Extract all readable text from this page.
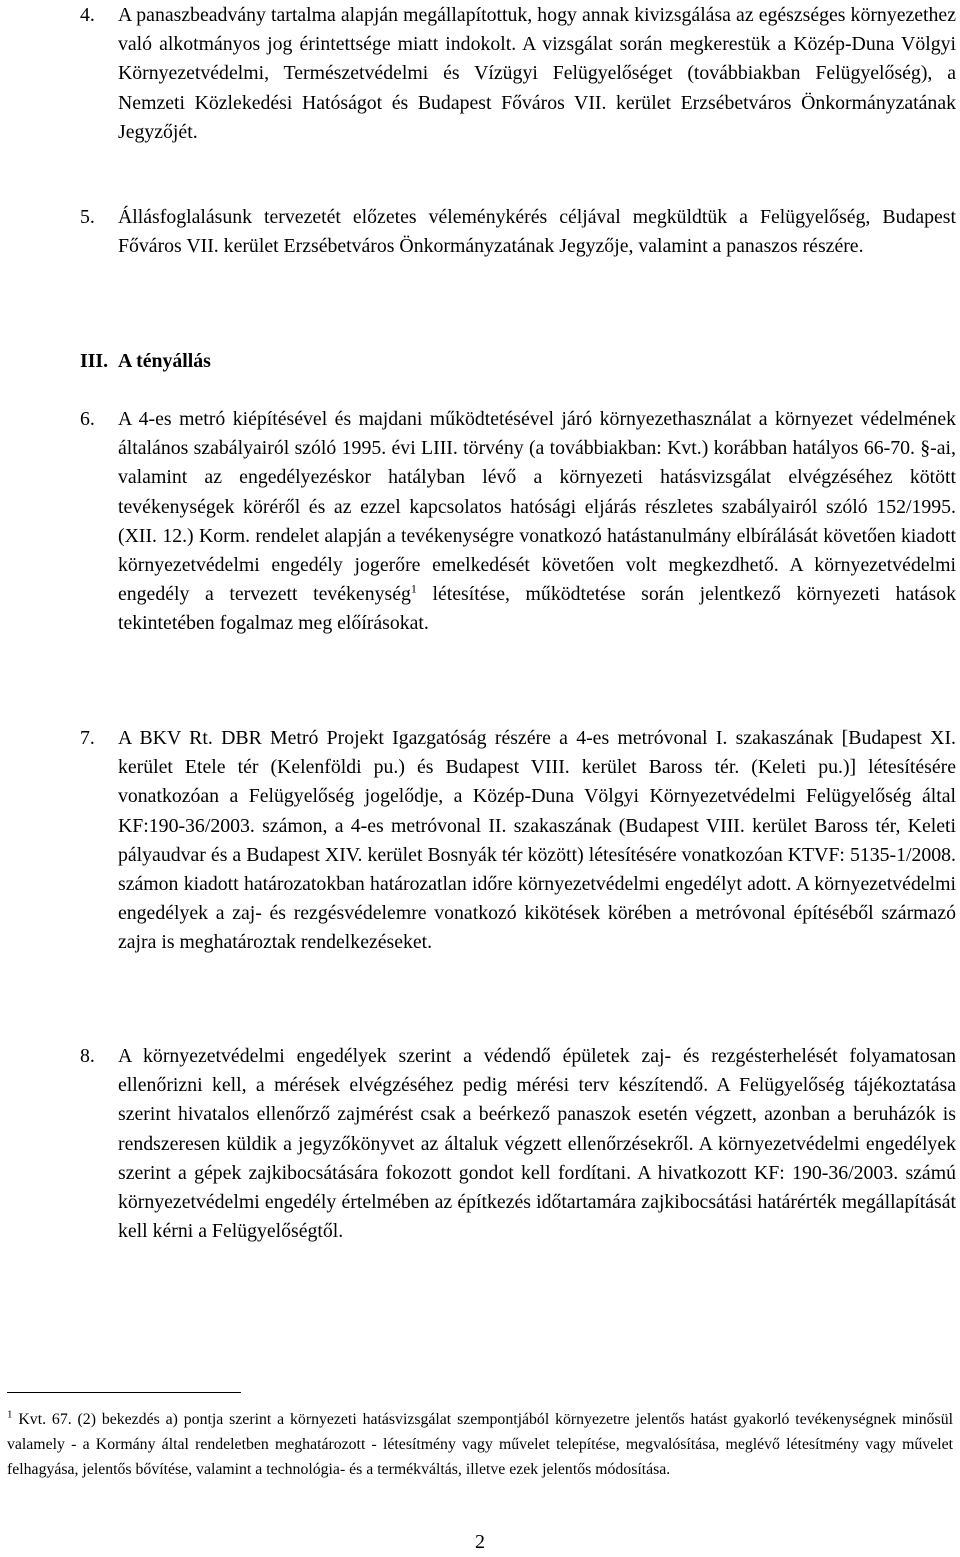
4.	A panaszbeadvány tartalma alapján megállapítottuk, hogy annak kivizsgálása az egészséges környezethez való alkotmányos jog érintettsége miatt indokolt. A vizsgálat során megkerestük a Közép-Duna Völgyi Környezetvédelmi, Természetvédelmi és Vízügyi Felügyelőséget (továbbiakban Felügyelőség), a Nemzeti Közlekedési Hatóságot és Budapest Főváros VII. kerület Erzsébetváros Önkormányzatának Jegyzőjét.
5.	Állásfoglalásunk tervezetét előzetes véleménykérés céljával megküldtük a Felügyelőség, Budapest Főváros VII. kerület Erzsébetváros Önkormányzatának Jegyzője, valamint a panaszos részére.
III. A tényállás
6.	A 4-es metró kiépítésével és majdani működtetésével járó környezethasználat a környezet védelmének általános szabályairól szóló 1995. évi LIII. törvény (a továbbiakban: Kvt.) korábban hatályos 66-70. §-ai, valamint az engedélyezéskor hatályban lévő a környezeti hatásvizsgálat elvégzéséhez kötött tevékenységek köréről és az ezzel kapcsolatos hatósági eljárás részletes szabályairól szóló 152/1995. (XII. 12.) Korm. rendelet alapján a tevékenységre vonatkozó hatástanulmány elbírálását követően kiadott környezetvédelmi engedély jogerőre emelkedését követően volt megkezdhető. A környezetvédelmi engedély a tervezett tevékenység$^1$ létesítése, működtetése során jelentkező környezeti hatások tekintetében fogalmaz meg előírásokat.
7.	A BKV Rt. DBR Metró Projekt Igazgatóság részére a 4-es metróvonal I. szakaszának [Budapest XI. kerület Etele tér (Kelenföldi pu.) és Budapest VIII. kerület Baross tér. (Keleti pu.)] létesítésére vonatkozóan a Felügyelőség jogelődje, a Közép-Duna Völgyi Környezetvédelmi Felügyelőség által KF:190-36/2003. számon, a 4-es metróvonal II. szakaszának (Budapest VIII. kerület Baross tér, Keleti pályaudvar és a Budapest XIV. kerület Bosnyák tér között) létesítésére vonatkozóan KTVF: 5135-1/2008. számon kiadott határozatokban határozatlan időre környezetvédelmi engedélyt adott. A környezetvédelmi engedélyek a zaj- és rezgésvédelemre vonatkozó kikötések körében a metróvonal építéséből származó zajra is meghatároztak rendelkezéseket.
8.	A környezetvédelmi engedélyek szerint a védendő épületek zaj- és rezgésterhelését folyamatosan ellenőrizni kell, a mérések elvégzéséhez pedig mérési terv készítendő. A Felügyelőség tájékoztatása szerint hivatalos ellenőrző zajmérést csak a beérkező panaszok esetén végzett, azonban a beruházók is rendszeresen küldik a jegyzőkönyvet az általuk végzett ellenőrzésekről. A környezetvédelmi engedélyek szerint a gépek zajkibocsátására fokozott gondot kell fordítani. A hivatkozott KF: 190-36/2003. számú környezetvédelmi engedély értelmében az építkezés időtartamára zajkibocsátási határérték megállapítását kell kérni a Felügyelőségtől.
$^1$ Kvt. 67. (2) bekezdés a) pontja szerint a környezeti hatásvizsgálat szempontjából környezetre jelentős hatást gyakorló tevékenységnek minősül valamely - a Kormány által rendeletben meghatározott - létesítmény vagy művelet telepítése, megvalósítása, meglévő létesítmény vagy művelet felhagyása, jelentős bővítése, valamint a technológia- és a termékváltás, illetve ezek jelentős módosítása.
2
